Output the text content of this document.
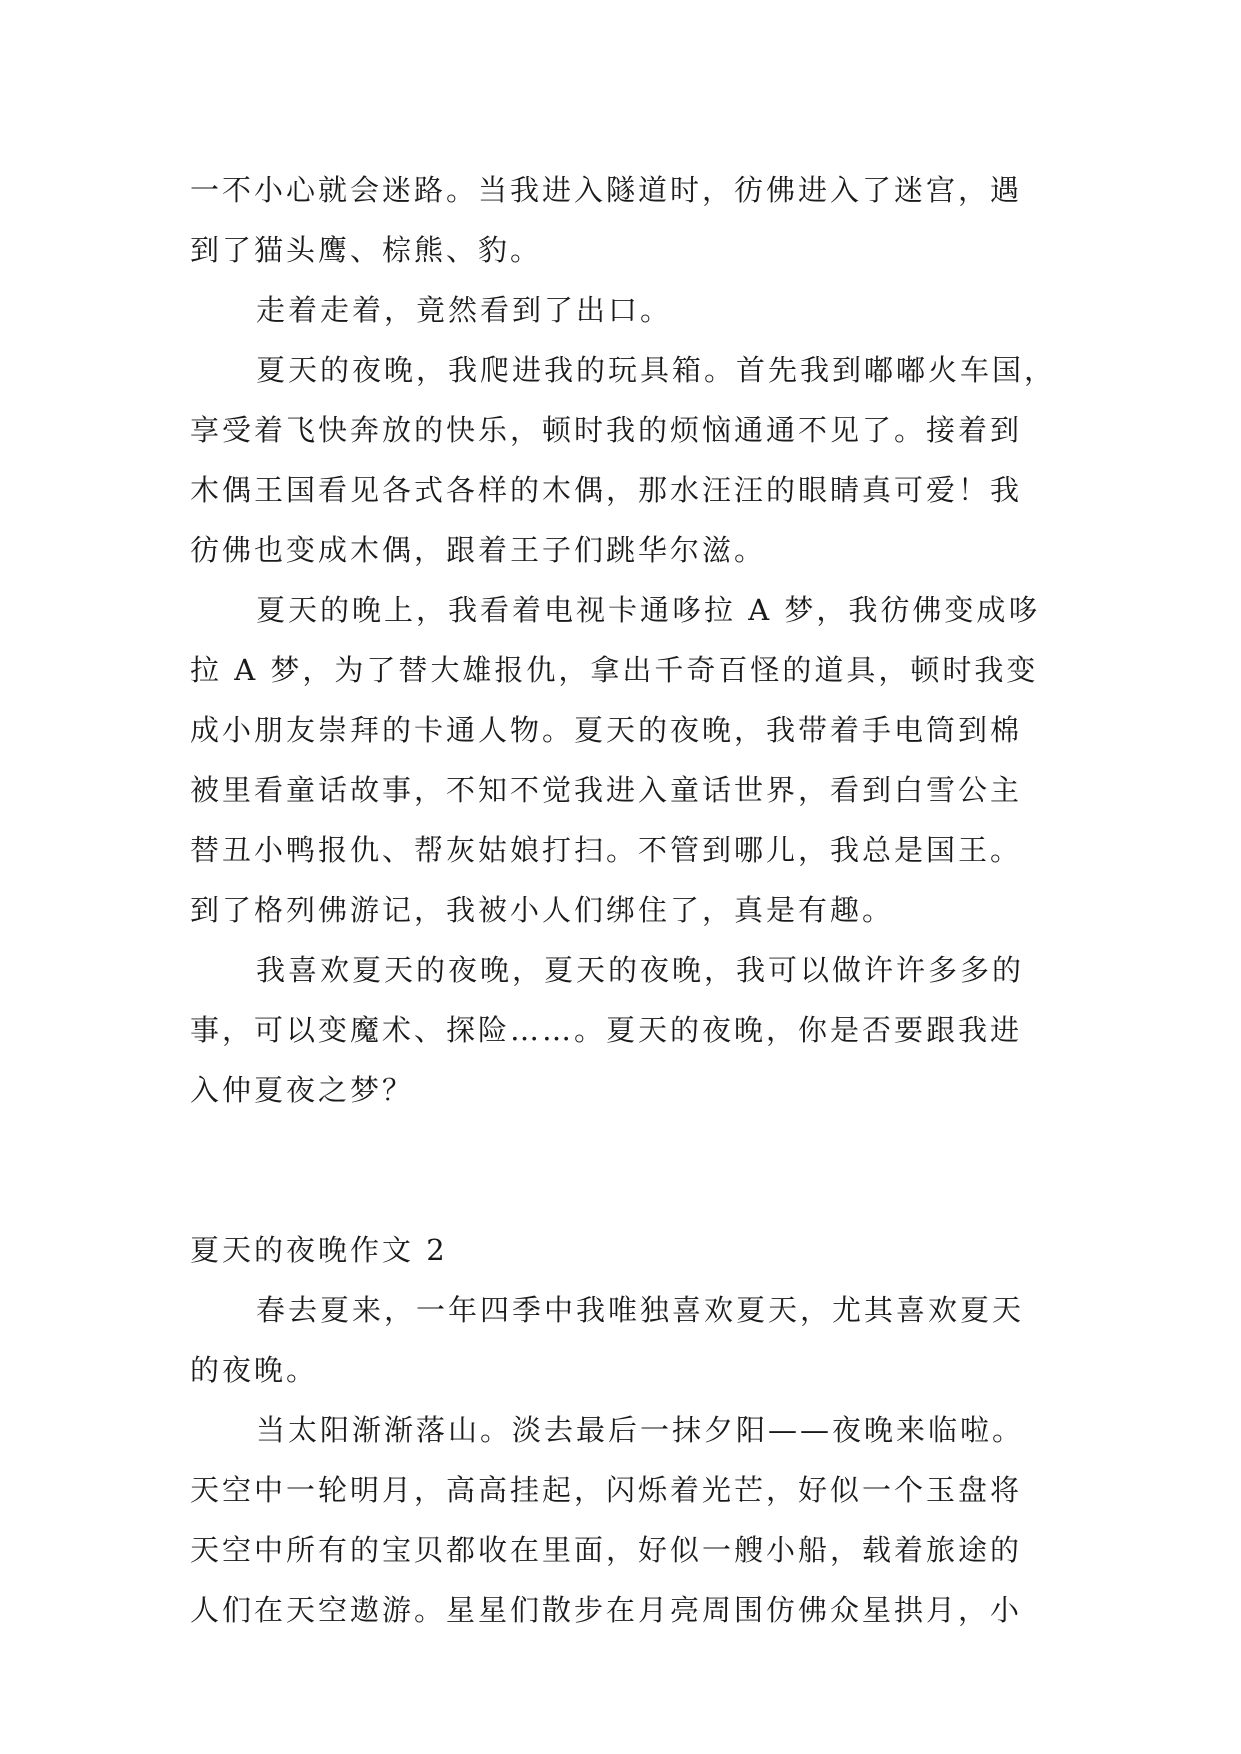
一不小心就会迷路。当我进入隧道时，彷佛进入了迷宫，遇
到了猫头鹰、棕熊、豹。
走着走着，竟然看到了出口。
夏天的夜晚，我爬进我的玩具箱。首先我到嘟嘟火车国，
享受着飞快奔放的快乐，顿时我的烦恼通通不见了。接着到
木偶王国看见各式各样的木偶，那水汪汪的眼睛真可爱！我
彷佛也变成木偶，跟着王子们跳华尔滋。
夏天的晚上，我看着电视卡通哆拉 A 梦，我彷佛变成哆
拉 A 梦，为了替大雄报仇，拿出千奇百怪的道具，顿时我变
成小朋友崇拜的卡通人物。夏天的夜晚，我带着手电筒到棉
被里看童话故事，不知不觉我进入童话世界，看到白雪公主
替丑小鸭报仇、帮灰姑娘打扫。不管到哪儿，我总是国王。
到了格列佛游记，我被小人们绑住了，真是有趣。
我喜欢夏天的夜晚，夏天的夜晚，我可以做许许多多的
事，可以变魔术、探险……。夏天的夜晚，你是否要跟我进
入仲夏夜之梦？
夏天的夜晚作文 2
春去夏来，一年四季中我唯独喜欢夏天，尤其喜欢夏天
的夜晚。
当太阳渐渐落山。淡去最后一抹夕阳——夜晚来临啦。
天空中一轮明月，高高挂起，闪烁着光芒，好似一个玉盘将
天空中所有的宝贝都收在里面，好似一艘小船，载着旅途的
人们在天空遨游。星星们散步在月亮周围仿佛众星拱月，小
